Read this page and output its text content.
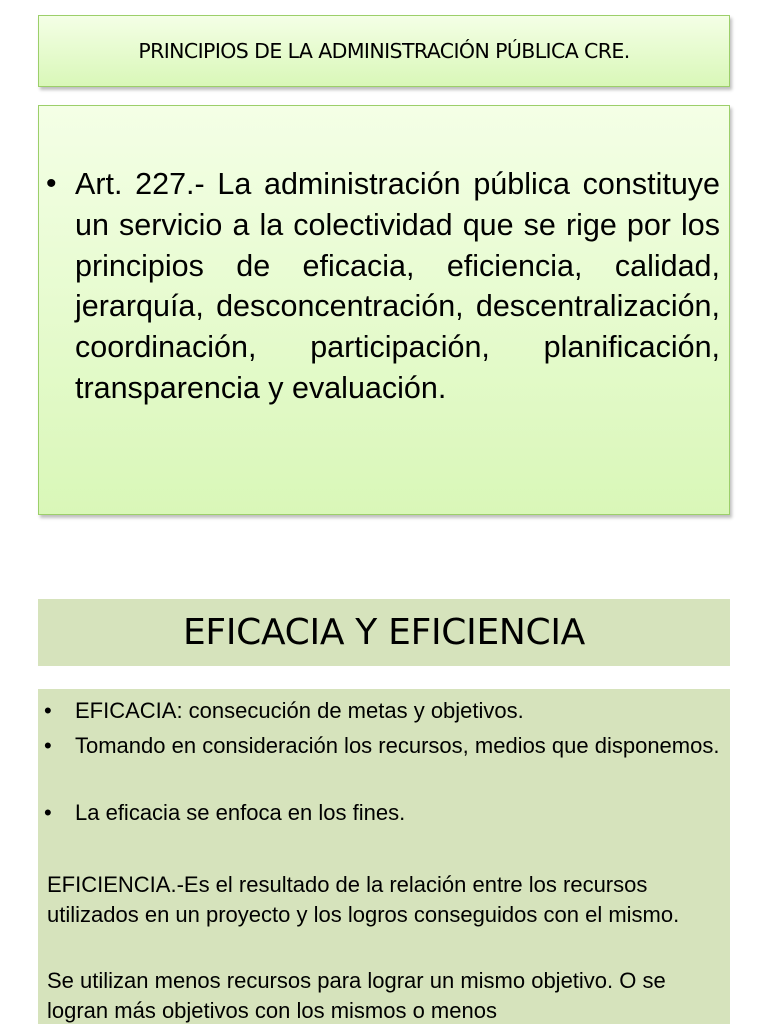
PRINCIPIOS DE LA ADMINISTRACIÓN PÚBLICA CRE.
• Art. 227.- La administración pública constituye un servicio a la colectividad que se rige por los principios de eficacia, eficiencia, calidad, jerarquía, desconcentración, descentralización, coordinación, participación, planificación, transparencia y evaluación.
EFICACIA Y EFICIENCIA
• EFICACIA: consecución de metas y objetivos.
• Tomando en consideración los recursos, medios que disponemos.
• La eficacia se enfoca en los fines.
EFICIENCIA.-Es el resultado de la relación entre los recursos utilizados en un proyecto y los logros conseguidos con el mismo.
Se utilizan menos recursos para lograr un mismo objetivo. O se logran más objetivos con los mismos o menos
